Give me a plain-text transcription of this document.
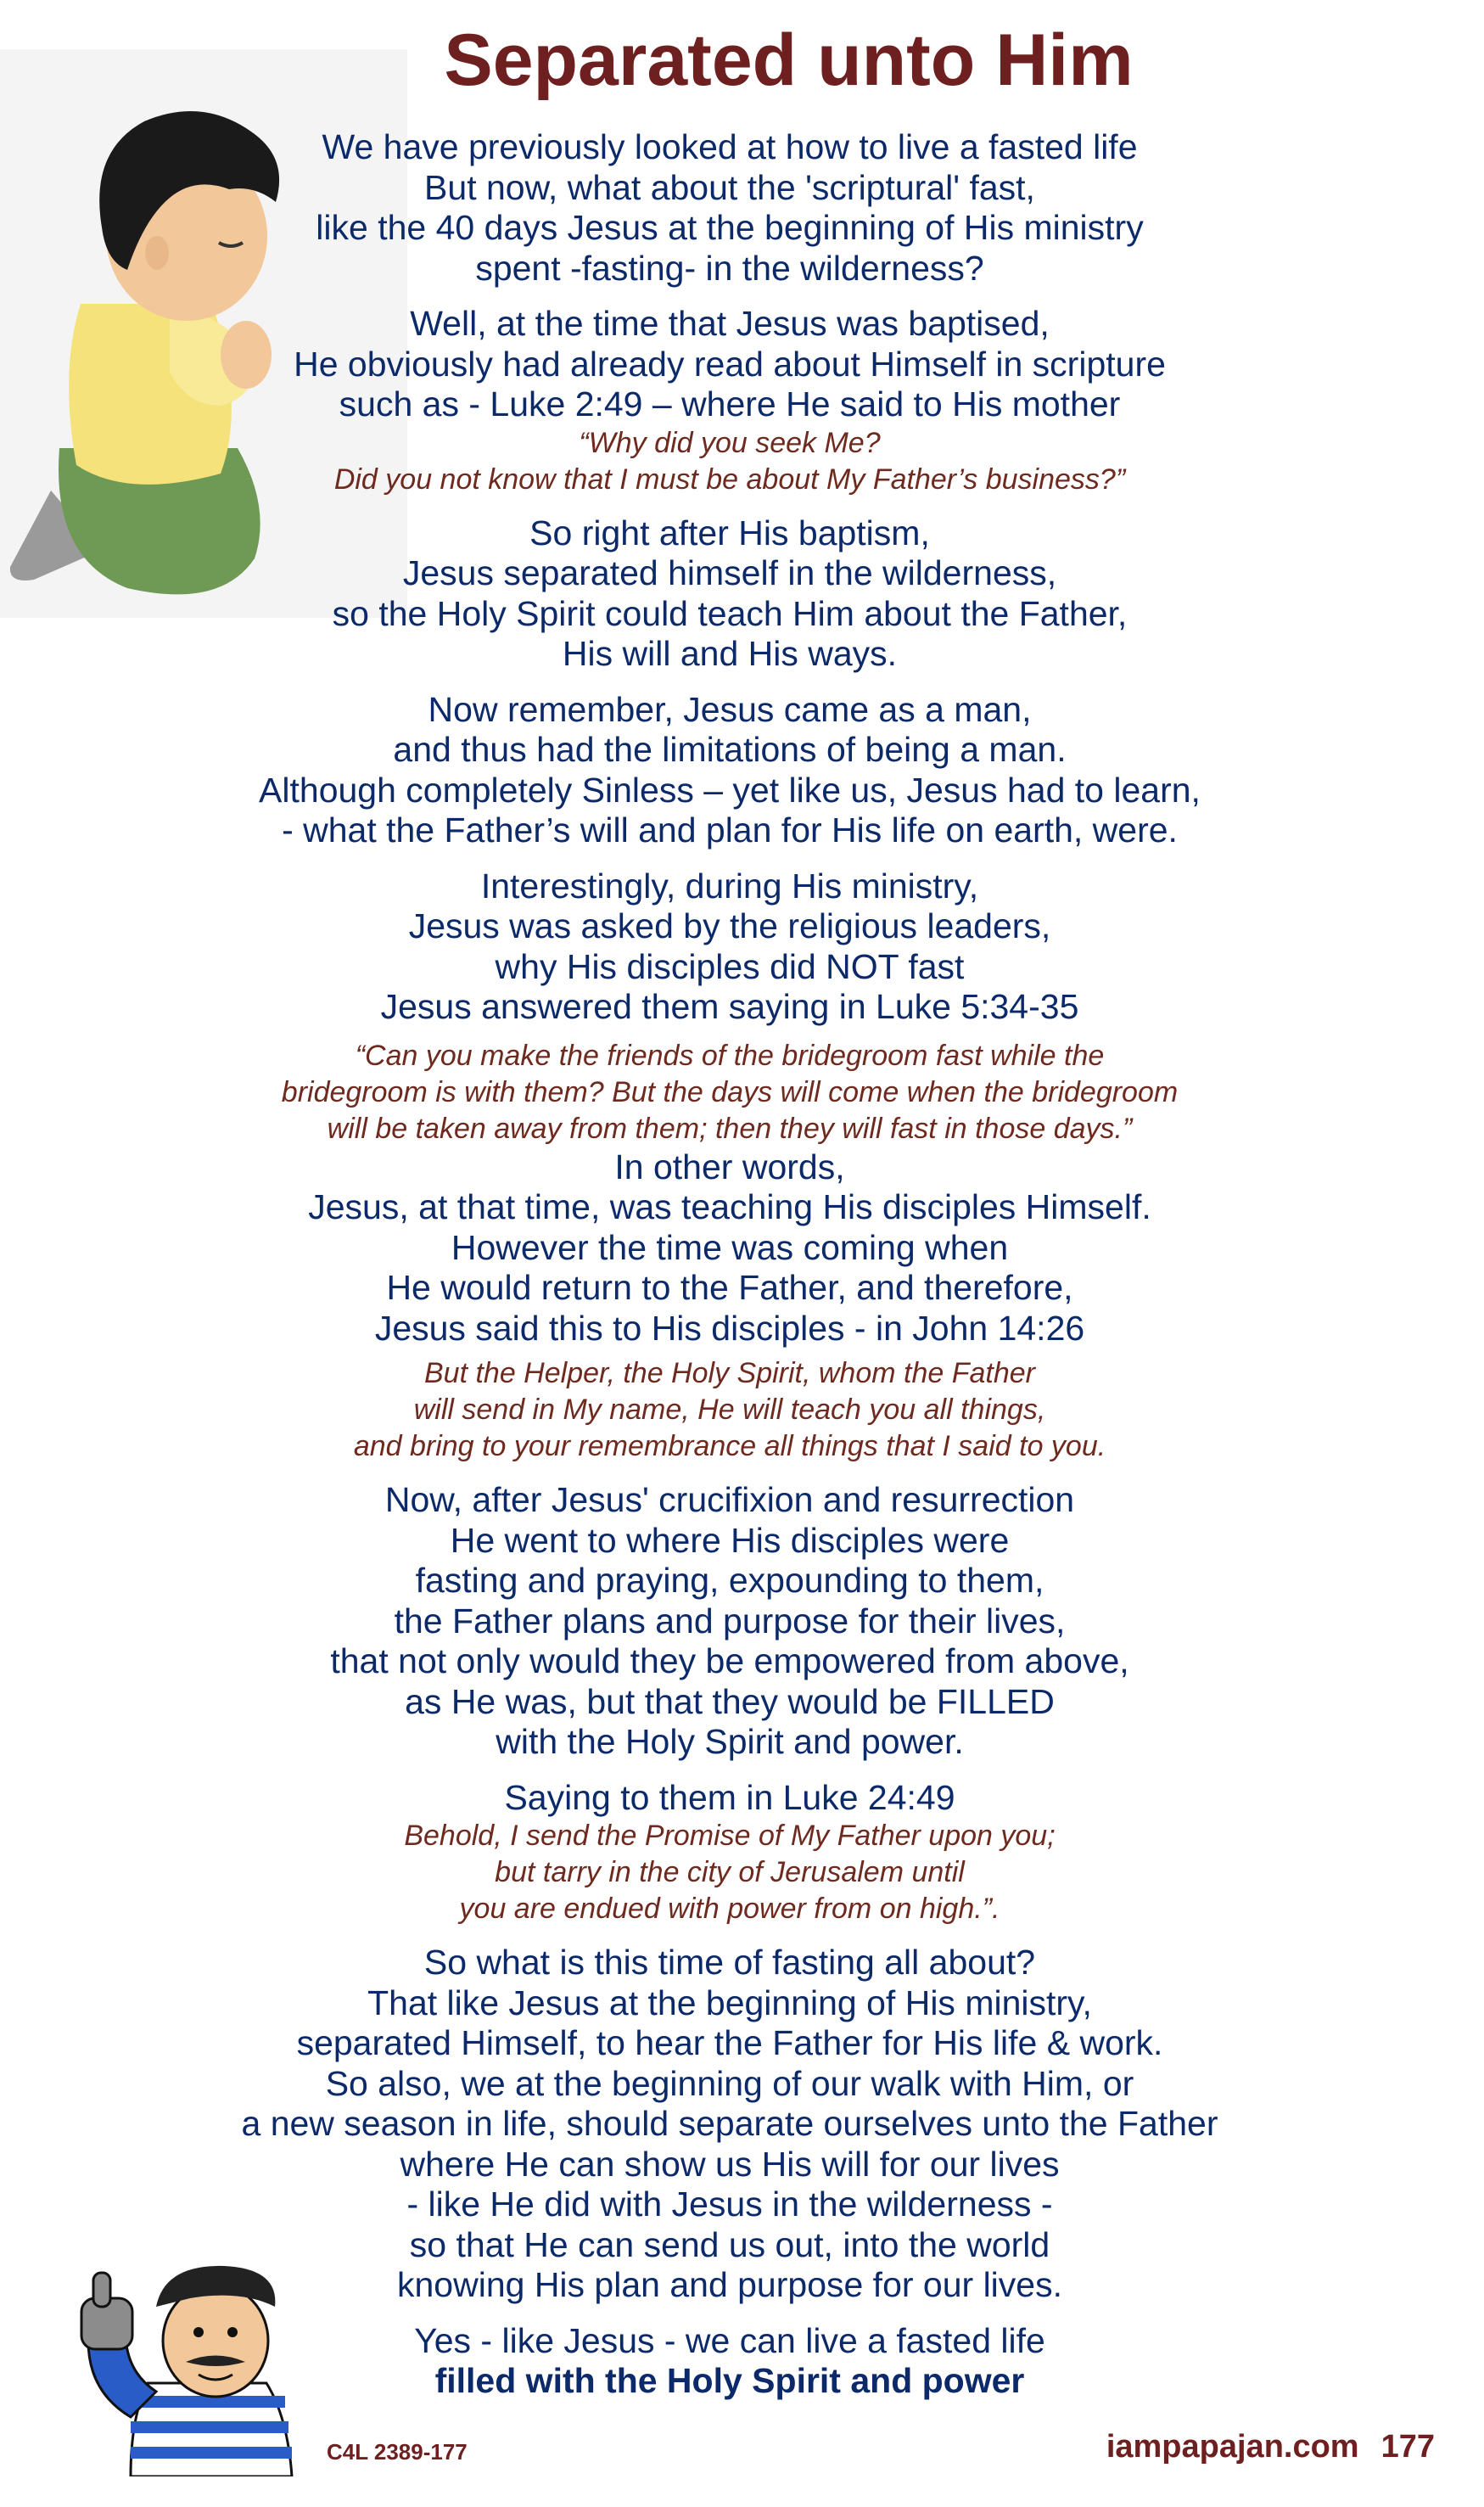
Separated unto Him
We have previously looked at how to live a fasted life
But now, what about the 'scriptural' fast,
like the 40 days Jesus at the beginning of His ministry
spent -fasting- in the wilderness?
Well, at the time that Jesus was baptised,
He obviously had already read about Himself in scripture
such as - Luke 2:49 – where He said to His mother
“Why did you seek Me?
Did you not know that I must be about My Father’s business?”
So right after His baptism,
Jesus separated himself in the wilderness,
so the Holy Spirit could teach Him about the Father,
His will and His ways.
Now remember, Jesus came as a man,
and thus had the limitations of being a man.
Although completely Sinless – yet like us, Jesus had to learn,
- what the Father’s will and plan for His life on earth, were.
Interestingly, during His ministry,
Jesus was asked by the religious leaders,
why His disciples did NOT fast
Jesus answered them saying in Luke 5:34-35
“Can you make the friends of the bridegroom fast while the
bridegroom is with them? But the days will come when the bridegroom
will be taken away from them; then they will fast in those days.”
In other words,
Jesus, at that time, was teaching His disciples Himself.
However the time was coming when
He would return to the Father, and therefore,
Jesus said this to His disciples - in John 14:26
But the Helper, the Holy Spirit, whom the Father
will send in My name, He will teach you all things,
and bring to your remembrance all things that I said to you.
Now, after Jesus' crucifixion and resurrection
He went to where His disciples were
fasting and praying, expounding to them,
the Father plans and purpose for their lives,
that not only would they be empowered from above,
as He was, but that they would be FILLED
with the Holy Spirit and power.
Saying to them in Luke 24:49
Behold, I send the Promise of My Father upon you;
but tarry in the city of Jerusalem until
you are endued with power from on high.”.
So what is this time of fasting all about?
That like Jesus at the beginning of His ministry,
separated Himself, to hear the Father for His life & work.
So also, we at the beginning of our walk with Him, or
a new season in life, should separate ourselves unto the Father
where He can show us His will for our lives
- like He did with Jesus in the wilderness -
so that He can send us out, into the world
knowing His plan and purpose for our lives.
Yes - like Jesus - we can live a fasted life
filled with the Holy Spirit and power
C4L 2389-177	iampapajan.com 177
